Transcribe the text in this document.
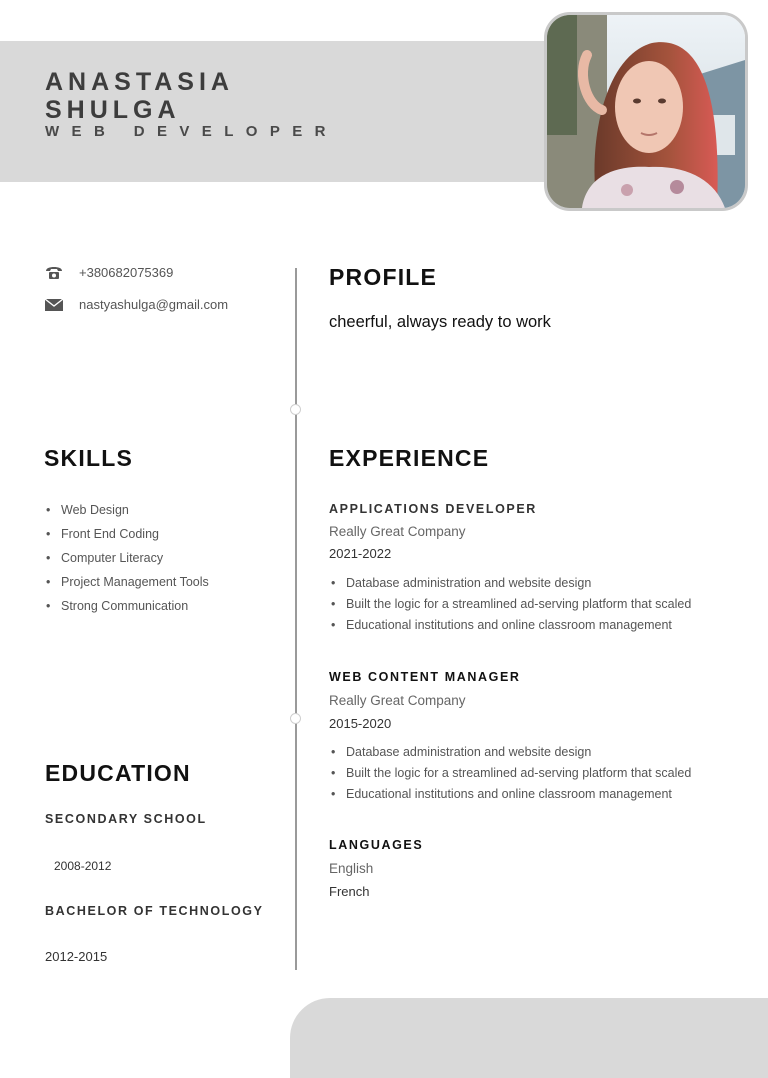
ANASTASIA
SHULGA
WEB DEVELOPER
+380682075369
nastyashulga@gmail.com
PROFILE
cheerful, always ready to work
SKILLS
• Web Design
• Front End Coding
• Computer Literacy
• Project Management Tools
• Strong Communication
EXPERIENCE
APPLICATIONS DEVELOPER
Really Great Company
2021-2022
• Database administration and website design
• Built the logic for a streamlined ad-serving platform that scaled
• Educational institutions and online classroom management
WEB CONTENT MANAGER
Really Great Company
2015-2020
• Database administration and website design
• Built the logic for a streamlined ad-serving platform that scaled
• Educational institutions and online classroom management
LANGUAGES
English
French
EDUCATION
SECONDARY SCHOOL
2008-2012
BACHELOR OF TECHNOLOGY
2012-2015
